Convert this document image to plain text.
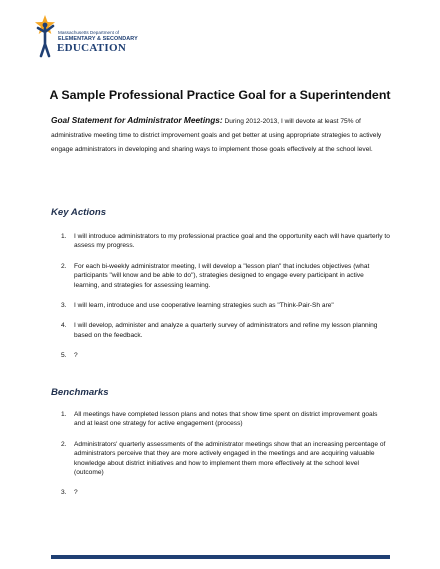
Massachusetts Department of
ELEMENTARY & SECONDARY
EDUCATION
A Sample Professional Practice Goal for a Superintendent

Goal Statement for Administrator Meetings: During 2012-2013, I will devote at least 75% of administrative meeting time to district improvement goals and get better at using appropriate strategies to actively engage administrators in developing and sharing ways to implement those goals effectively at the school level.

Key Actions
1. I will introduce administrators to my professional practice goal and the opportunity each will have quarterly to assess my progress.
2. For each bi-weekly administrator meeting, I will develop a "lesson plan" that includes objectives (what participants "will know and be able to do"), strategies designed to engage every participant in active learning, and strategies for assessing learning.
3. I will learn, introduce and use cooperative learning strategies such as "Think-Pair-Sh are"
4. I will develop, administer and analyze a quarterly survey of administrators and refine my lesson planning based on the feedback.
5. ?
Benchmarks
1. All meetings have completed lesson plans and notes that show time spent on district improvement goals and at least one strategy for active engagement (process)
2. Administrators' quarterly assessments of the administrator meetings show that an increasing percentage of administrators perceive that they are more actively engaged in the meetings and are acquiring valuable knowledge about district initiatives and how to implement them more effectively at the school level (outcome)
3. ?
